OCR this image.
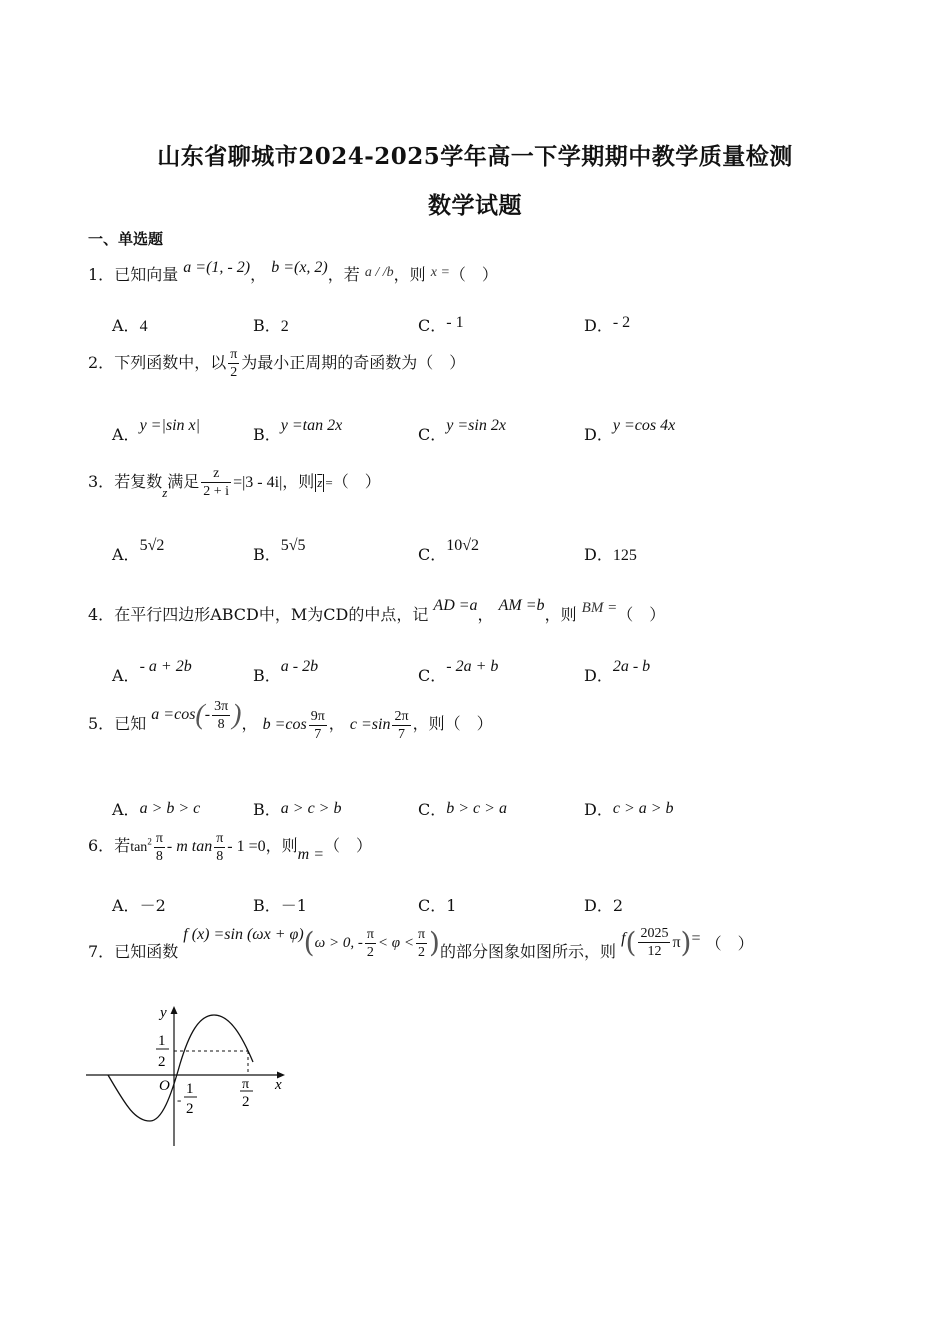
山东省聊城市2024-2025学年高一下学期期中教学质量检测
数学试题
一、单选题
1．已知向量 a =(1, - 2)， b =(x, 2)，若 a / /b，则 x =（　）
A．4	B．2	C．- 1	D．- 2
2．下列函数中，以 $\frac{\pi}{2}$ 为最小正周期的奇函数为（　）
A．y =|sin x|	B．y =tan 2x	C．y =sin 2x	D．y =cos 4x
3．若复数$_z$满足 $\frac{z}{2 + i} =|3 - 4i|$，则 $\overline{z}$ =（　）
A．5√2	B．5√5	C．10√2	D．125
4．在平行四边形ABCD中，M为CD的中点，记 AD =a， AM =b，则 BM =（　）
A．- a + 2b	B．a - 2b	C．- 2a + b	D．2a - b
5．已知 $a =\cos(- \frac{3\pi}{8}$ )， $b =\cos \frac{9\pi}{7}$ ， $c =\sin \frac{2\pi}{7}$ ，则（　）
A．a > b > c	B．a > c > b	C．b > c > a	D．c > a > b
6．若$\tan^2 \frac{\pi}{8}$ - m $\tan \frac{\pi}{8} - 1 =0$，则m =（　）
A．－2	B．－1	C．1	D．2
7．已知函数 f (x) =sin (ωx + φ)(ω > 0, - $\frac{\pi}{2} < \varphi < \frac{\pi}{2}$ )的部分图象如图所示，则 $f( \frac{2025}{12} \pi)=$ （　）
y
x
O
1
2
-
1
2
π
2
